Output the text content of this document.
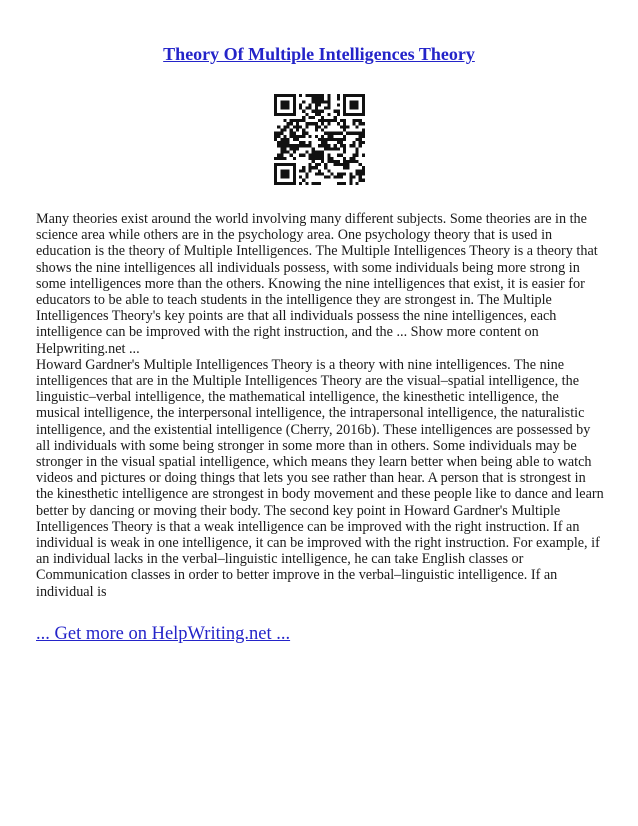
Theory Of Multiple Intelligences Theory

Many theories exist around the world involving many different subjects. Some theories are in the science area while others are in the psychology area. One psychology theory that is used in education is the theory of Multiple Intelligences. The Multiple Intelligences Theory is a theory that shows the nine intelligences all individuals possess, with some individuals being more strong in some intelligences more than the others. Knowing the nine intelligences that exist, it is easier for educators to be able to teach students in the intelligence they are strongest in. The Multiple Intelligences Theory's key points are that all individuals possess the nine intelligences, each intelligence can be improved with the right instruction, and the ... Show more content on Helpwriting.net ...

Howard Gardner's Multiple Intelligences Theory is a theory with nine intelligences. The nine intelligences that are in the Multiple Intelligences Theory are the visual–spatial intelligence, the linguistic–verbal intelligence, the mathematical intelligence, the kinesthetic intelligence, the musical intelligence, the interpersonal intelligence, the intrapersonal intelligence, the naturalistic intelligence, and the existential intelligence (Cherry, 2016b). These intelligences are possessed by all individuals with some being stronger in some more than in others. Some individuals may be stronger in the visual spatial intelligence, which means they learn better when being able to watch videos and pictures or doing things that lets you see rather than hear. A person that is strongest in the kinesthetic intelligence are strongest in body movement and these people like to dance and learn better by dancing or moving their body. The second key point in Howard Gardner's Multiple Intelligences Theory is that a weak intelligence can be improved with the right instruction. If an individual is weak in one intelligence, it can be improved with the right instruction. For example, if an individual lacks in the verbal–linguistic intelligence, he can take English classes or Communication classes in order to better improve in the verbal–linguistic intelligence. If an individual is

... Get more on HelpWriting.net ...
